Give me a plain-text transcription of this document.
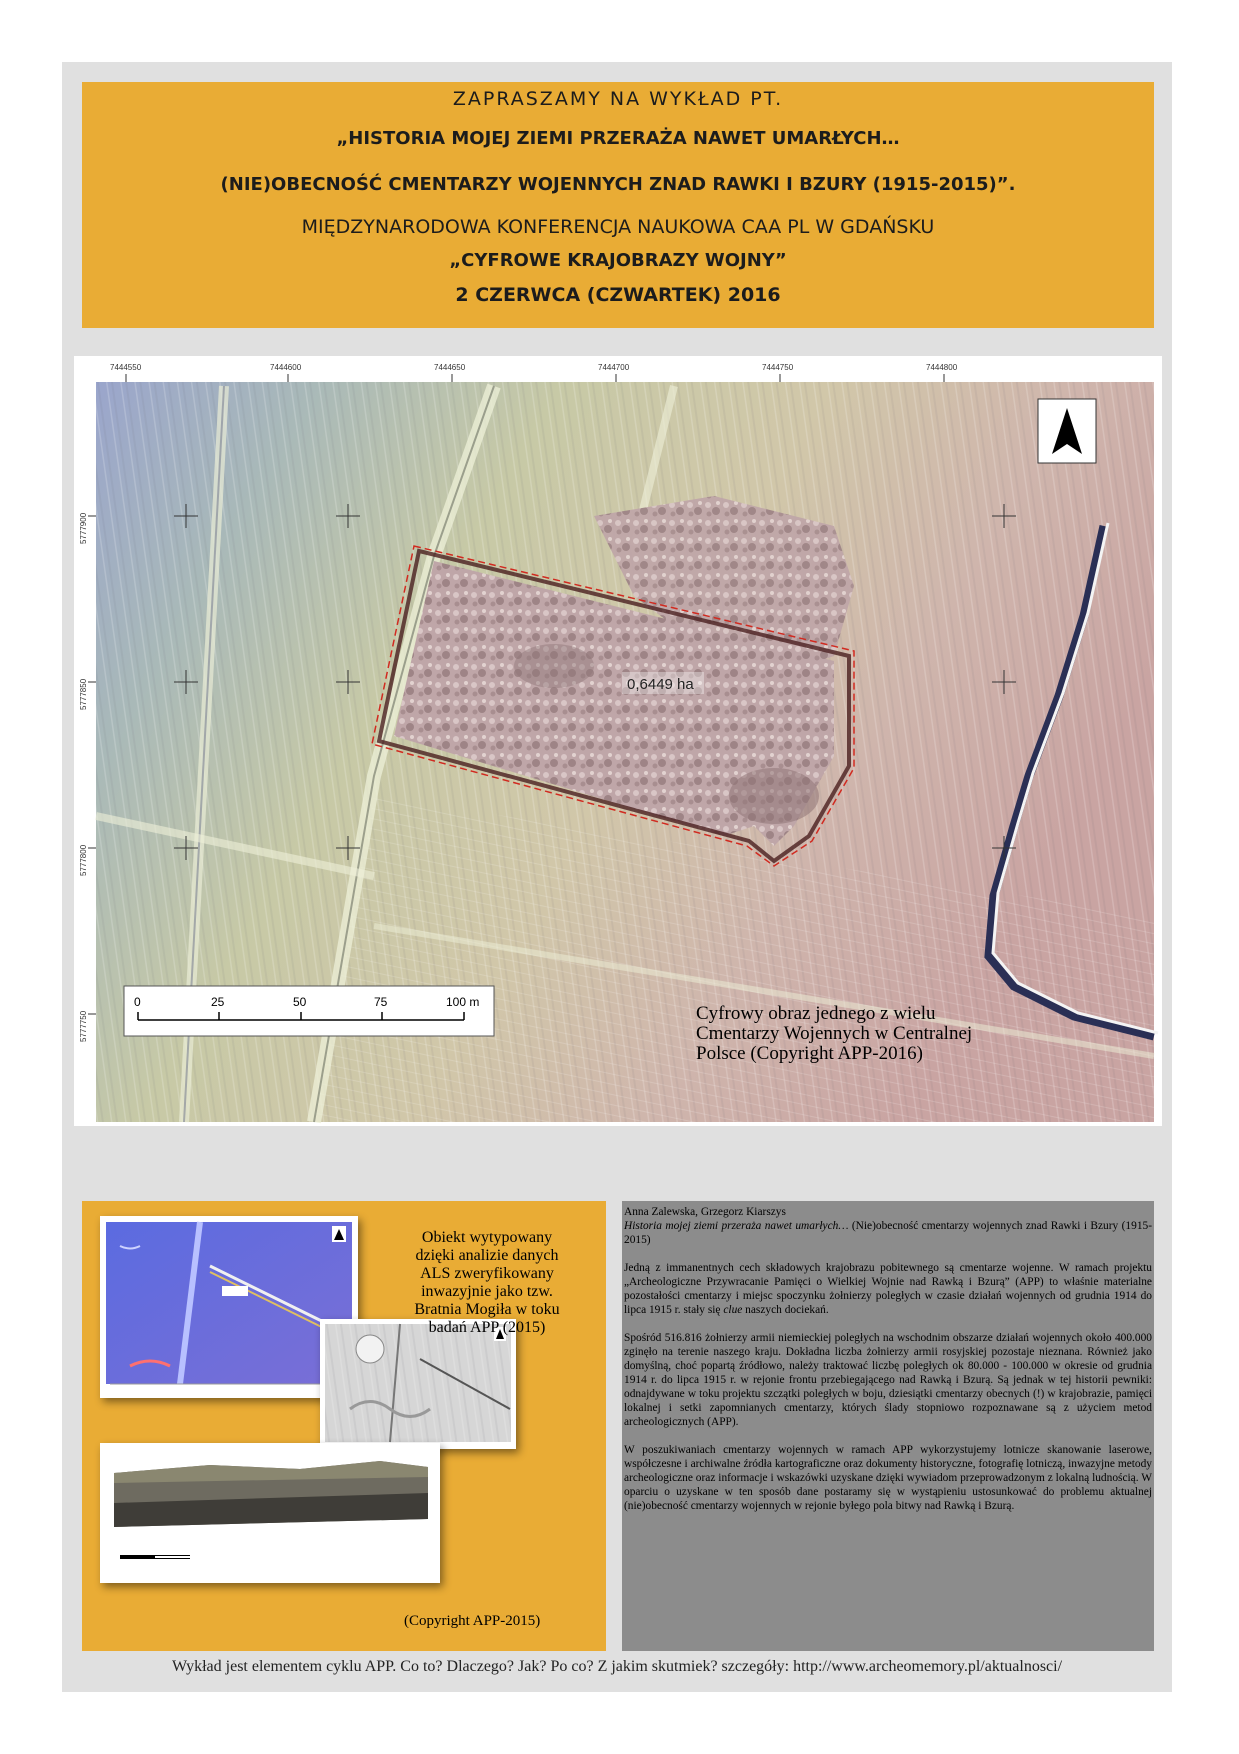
ZAPRASZAMY NA WYKŁAD PT.
„HISTORIA MOJEJ ZIEMI PRZERAŻA NAWET UMARŁYCH…
(NIE)OBECNOŚĆ CMENTARZY WOJENNYCH ZNAD RAWKI I BZURY (1915-2015)”.
MIĘDZYNARODOWA KONFERENCJA NAUKOWA CAA PL W GDAŃSKU
„CYFROWE KRAJOBRAZY WOJNY”
2 CZERWCA (CZWARTEK) 2016
0,6449 ha
7444550	7444600	7444650	7444700	7444750	7444800
5777900
5777850
5777800
5777750
0	25	50	75	100 m
Cyfrowy obraz jednego z wielu
Cmentarzy Wojennych w Centralnej
Polsce (Copyright APP-2016)
Obiekt wytypowany
dzięki analizie danych
ALS zweryfikowany
inwazyjnie jako tzw.
Bratnia Mogiła w toku
badań APP (2015)
(Copyright APP-2015)

Anna Zalewska, Grzegorz Kiarszys

Historia mojej ziemi przeraża nawet umarłych… (Nie)obecność cmentarzy wojennych znad Rawki i Bzury (1915-2015)

Jedną z immanentnych cech składowych krajobrazu pobitewnego są cmentarze wojenne. W ramach projektu „Archeologiczne Przywracanie Pamięci o Wielkiej Wojnie nad Rawką i Bzurą” (APP) to właśnie materialne pozostałości cmentarzy i miejsc spoczynku żołnierzy poległych w czasie działań wojennych od grudnia 1914 do lipca 1915 r. stały się clue naszych dociekań.

Spośród 516.816 żołnierzy armii niemieckiej poległych na wschodnim obszarze działań wojennych około 400.000 zginęło na terenie naszego kraju. Dokładna liczba żołnierzy armii rosyjskiej pozostaje nieznana. Również jako domyślną, choć popartą źródłowo, należy traktować liczbę poległych ok 80.000 - 100.000 w okresie od grudnia 1914 r. do lipca 1915 r. w rejonie frontu przebiegającego nad Rawką i Bzurą. Są jednak w tej historii pewniki: odnajdywane w toku projektu szczątki poległych w boju, dziesiątki cmentarzy obecnych (!) w krajobrazie, pamięci lokalnej i setki zapomnianych cmentarzy, których ślady stopniowo rozpoznawane są z użyciem metod archeologicznych (APP).

W poszukiwaniach cmentarzy wojennych w ramach APP wykorzystujemy lotnicze skanowanie laserowe, współczesne i archiwalne źródła kartograficzne oraz dokumenty historyczne, fotografię lotniczą, inwazyjne metody archeologiczne oraz informacje i wskazówki uzyskane dzięki wywiadom przeprowadzonym z lokalną ludnością. W oparciu o uzyskane w ten sposób dane postaramy się w wystąpieniu ustosunkować do problemu aktualnej (nie)obecność cmentarzy wojennych w rejonie byłego pola bitwy nad Rawką i Bzurą.

Wykład jest elementem cyklu APP. Co to? Dlaczego? Jak? Po co? Z jakim skutmiek? szczegóły: http://www.archeomemory.pl/aktualnosci/
